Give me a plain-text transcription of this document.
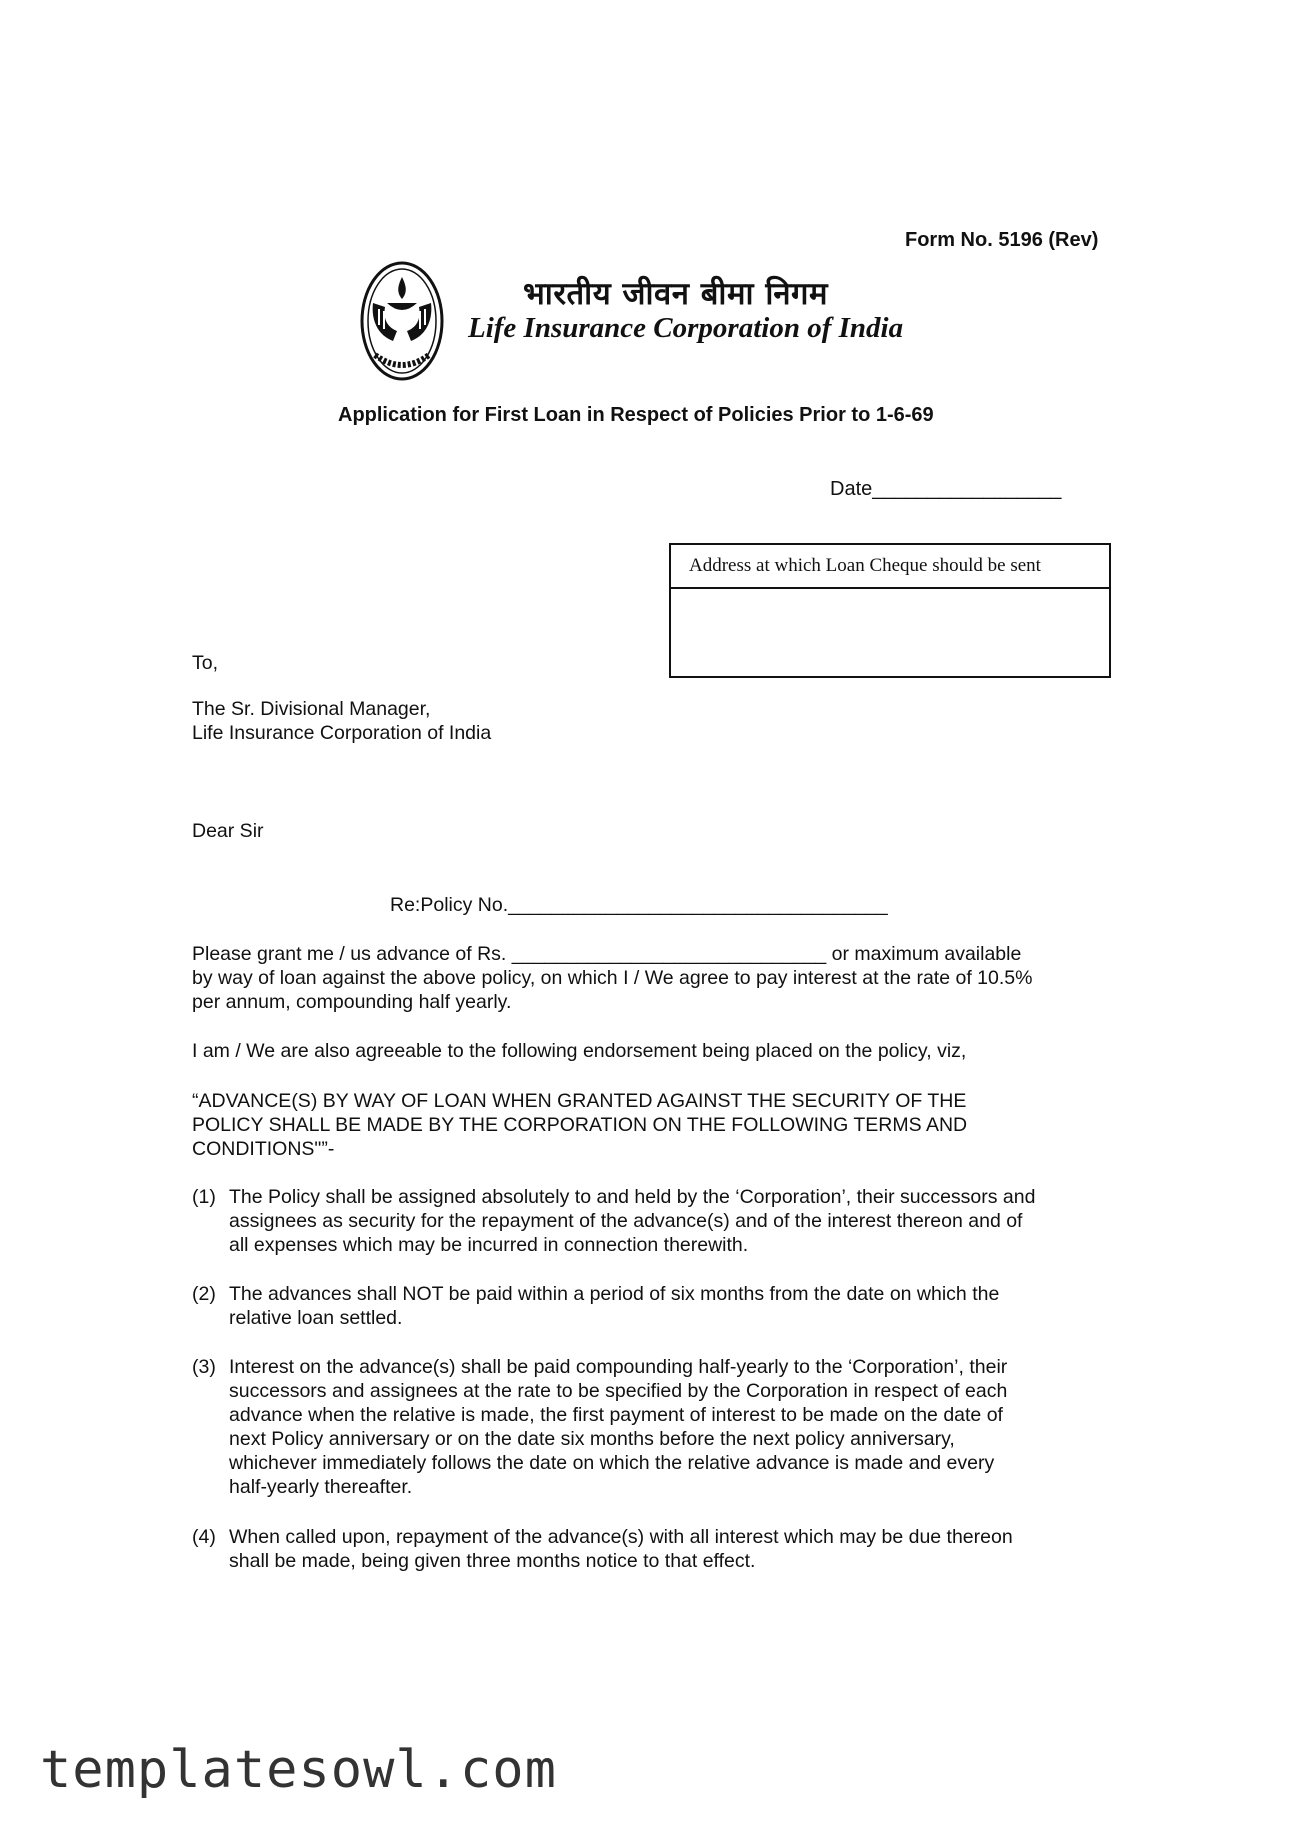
Form No. 5196 (Rev)
भारतीय जीवन बीमा निगम
Life Insurance Corporation of India
Application for First Loan in Respect of Policies Prior to 1-6-69
Date_________________
Address at which Loan Cheque should be sent
To,
The Sr. Divisional Manager,
Life Insurance Corporation of India
Dear Sir
Re:Policy No.___________________________________
Please grant me / us advance of Rs. _____________________________ or maximum available
by way of loan against the above policy, on which I / We agree to pay interest at the rate of 10.5%
per annum, compounding half yearly.
I am / We are also agreeable to the following endorsement being placed on the policy, viz,
“ADVANCE(S) BY WAY OF LOAN WHEN GRANTED AGAINST THE SECURITY OF THE
POLICY SHALL BE MADE BY THE CORPORATION ON THE FOLLOWING TERMS AND
CONDITIONS"”-
(1) The Policy shall be assigned absolutely to and held by the ‘Corporation’, their successors and
assignees as security for the repayment of the advance(s) and of the interest thereon and of
all expenses which may be incurred in connection therewith.
(2) The advances shall NOT be paid within a period of six months from the date on which the
relative loan settled.
(3) Interest on the advance(s) shall be paid compounding half-yearly to the ‘Corporation’, their
successors and assignees at the rate to be specified by the Corporation in respect of each
advance when the relative is made, the first payment of interest to be made on the date of
next Policy anniversary or on the date six months before the next policy anniversary,
whichever immediately follows the date on which the relative advance is made and every
half-yearly thereafter.
(4) When called upon, repayment of the advance(s) with all interest which may be due thereon
shall be made, being given three months notice to that effect.
templatesowl.com
